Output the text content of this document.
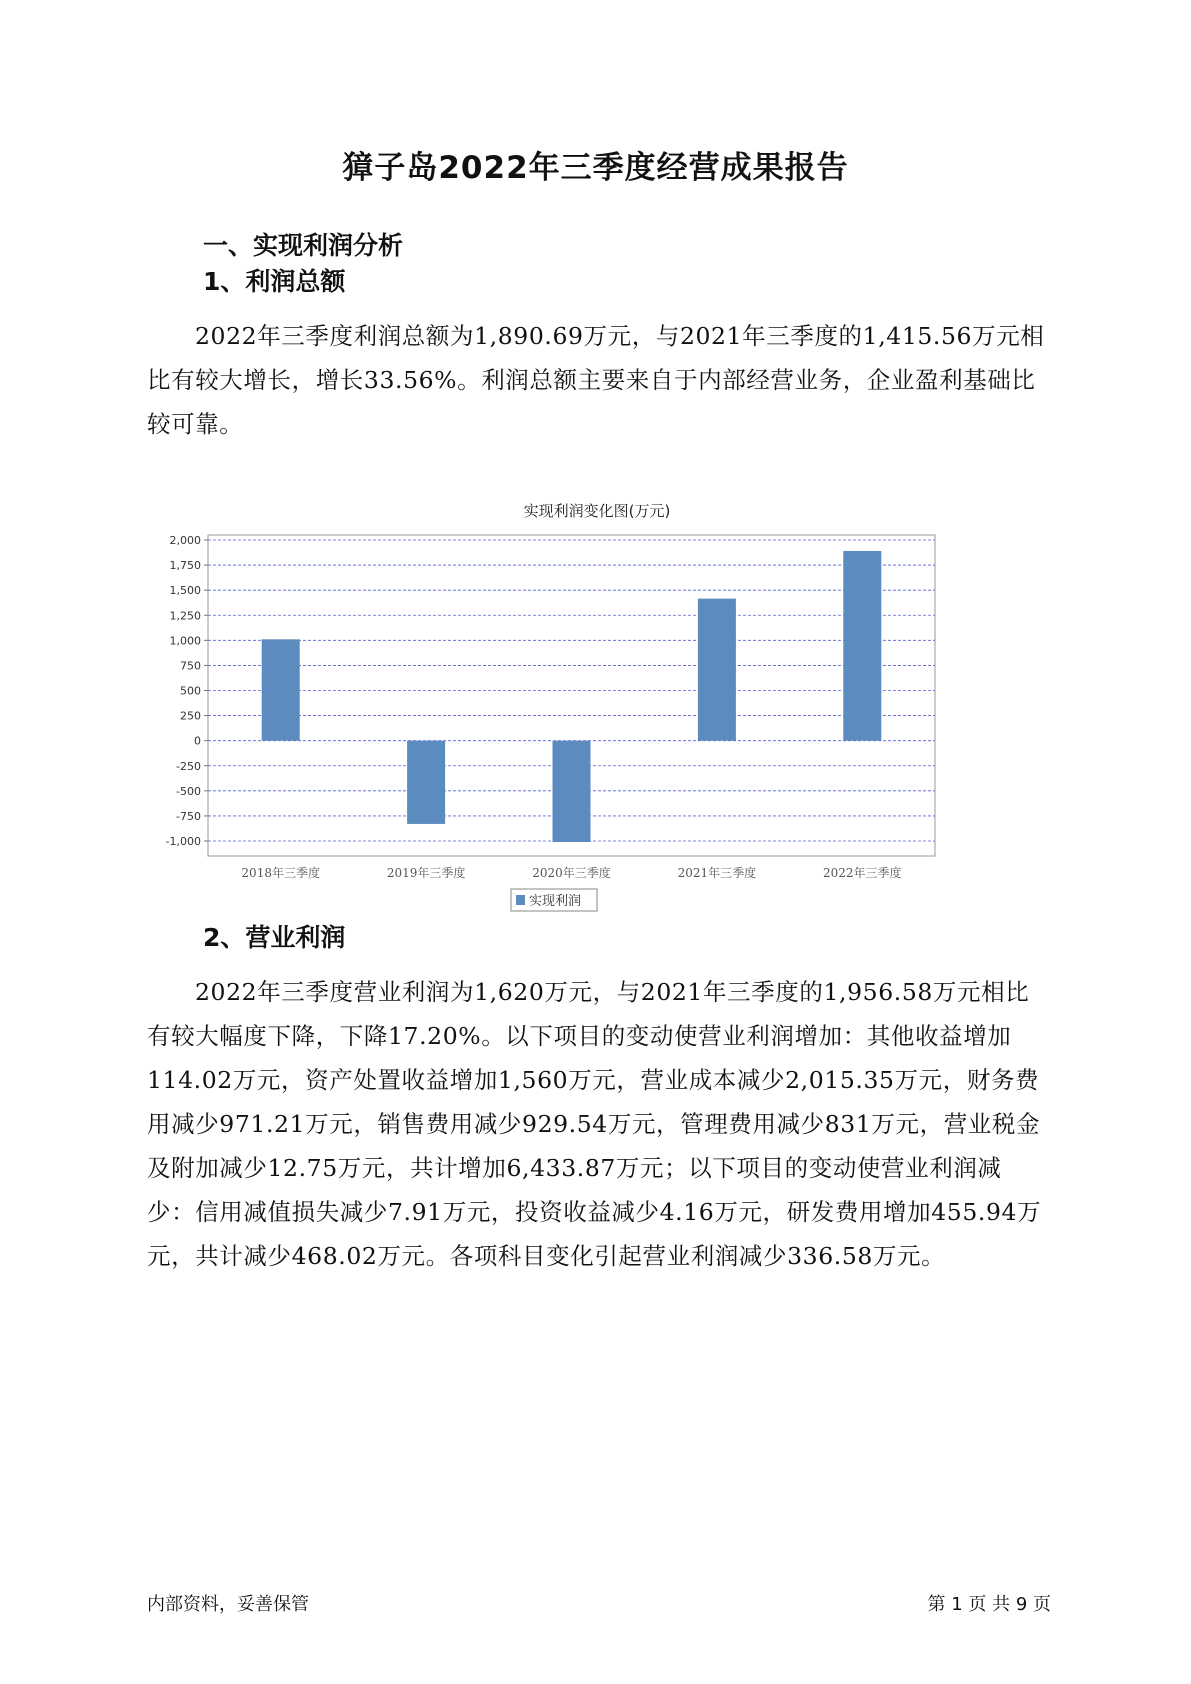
獐子岛2022年三季度经营成果报告
一、实现利润分析
1、利润总额

2022年三季度利润总额为1,890.69万元，与2021年三季度的1,415.56万元相比有较大增长，增长33.56%。利润总额主要来自于内部经营业务，企业盈利基础比较可靠。

实现利润变化图(万元)
2,000
1,750
1,500
1,250
1,000
750
500
250
0
-250
-500
-750
-1,000
2018年三季度	2019年三季度	2020年三季度	2021年三季度	2022年三季度
实现利润
2、营业利润

2022年三季度营业利润为1,620万元，与2021年三季度的1,956.58万元相比有较大幅度下降，下降17.20%。以下项目的变动使营业利润增加：其他收益增加114.02万元，资产处置收益增加1,560万元，营业成本减少2,015.35万元，财务费用减少971.21万元，销售费用减少929.54万元，管理费用减少831万元，营业税金及附加减少12.75万元，共计增加6,433.87万元；以下项目的变动使营业利润减少：信用减值损失减少7.91万元，投资收益减少4.16万元，研发费用增加455.94万元，共计减少468.02万元。各项科目变化引起营业利润减少336.58万元。

内部资料，妥善保管	第 1 页 共 9 页
